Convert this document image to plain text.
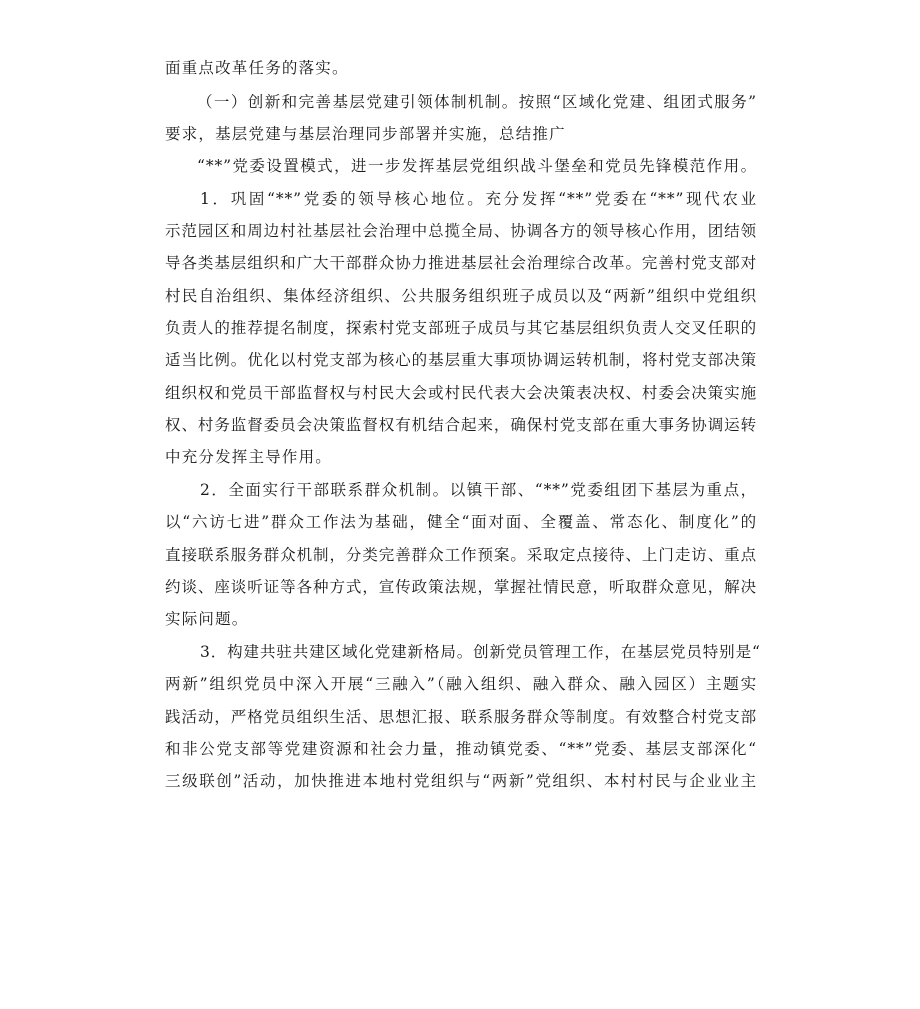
面重点改革任务的落实。
（一）创新和完善基层党建引领体制机制。按照“区域化党建、组团式服务”
要求，基层党建与基层治理同步部署并实施，总结推广
“**”党委设置模式，进一步发挥基层党组织战斗堡垒和党员先锋模范作用。
1．巩固“**”党委的领导核心地位。充分发挥“**”党委在“**”现代农业
示范园区和周边村社基层社会治理中总揽全局、协调各方的领导核心作用，团结领
导各类基层组织和广大干部群众协力推进基层社会治理综合改革。完善村党支部对
村民自治组织、集体经济组织、公共服务组织班子成员以及“两新”组织中党组织
负责人的推荐提名制度，探索村党支部班子成员与其它基层组织负责人交叉任职的
适当比例。优化以村党支部为核心的基层重大事项协调运转机制，将村党支部决策
组织权和党员干部监督权与村民大会或村民代表大会决策表决权、村委会决策实施
权、村务监督委员会决策监督权有机结合起来，确保村党支部在重大事务协调运转
中充分发挥主导作用。
2．全面实行干部联系群众机制。以镇干部、“**”党委组团下基层为重点，
以“六访七进”群众工作法为基础，健全“面对面、全覆盖、常态化、制度化”的
直接联系服务群众机制，分类完善群众工作预案。采取定点接待、上门走访、重点
约谈、座谈听证等各种方式，宣传政策法规，掌握社情民意，听取群众意见，解决
实际问题。
3．构建共驻共建区域化党建新格局。创新党员管理工作，在基层党员特别是“
两新”组织党员中深入开展“三融入”（融入组织、融入群众、融入园区）主题实
践活动，严格党员组织生活、思想汇报、联系服务群众等制度。有效整合村党支部
和非公党支部等党建资源和社会力量，推动镇党委、“**”党委、基层支部深化“
三级联创”活动，加快推进本地村党组织与“两新”党组织、本村村民与企业业主
